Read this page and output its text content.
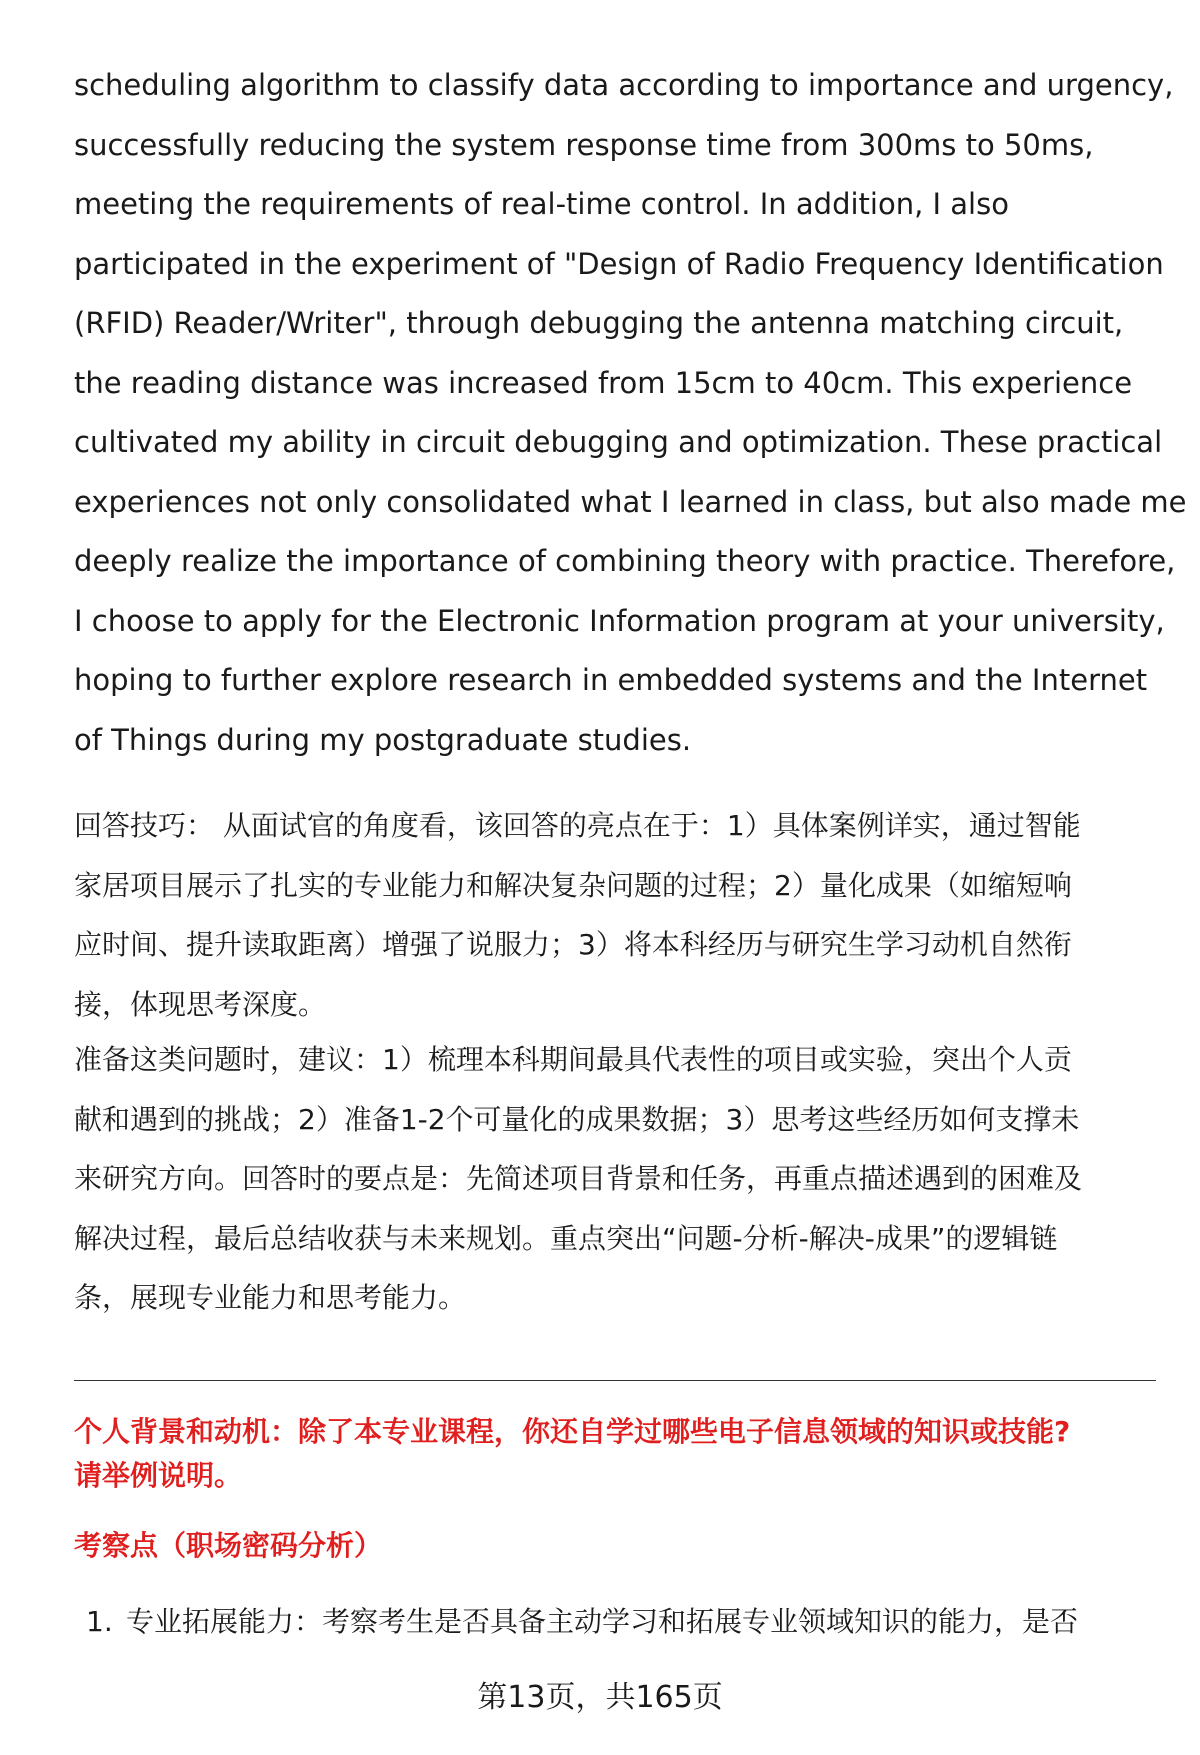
scheduling algorithm to classify data according to importance and urgency,
successfully reducing the system response time from 300ms to 50ms,
meeting the requirements of real-time control. In addition, I also
participated in the experiment of "Design of Radio Frequency Identification
(RFID) Reader/Writer", through debugging the antenna matching circuit,
the reading distance was increased from 15cm to 40cm. This experience
cultivated my ability in circuit debugging and optimization. These practical
experiences not only consolidated what I learned in class, but also made me
deeply realize the importance of combining theory with practice. Therefore,
I choose to apply for the Electronic Information program at your university,
hoping to further explore research in embedded systems and the Internet
of Things during my postgraduate studies.
回答技巧： 从面试官的角度看，该回答的亮点在于：1）具体案例详实，通过智能
家居项目展示了扎实的专业能力和解决复杂问题的过程；2）量化成果（如缩短响
应时间、提升读取距离）增强了说服力；3）将本科经历与研究生学习动机自然衔
接，体现思考深度。
准备这类问题时，建议：1）梳理本科期间最具代表性的项目或实验，突出个人贡
献和遇到的挑战；2）准备1-2个可量化的成果数据；3）思考这些经历如何支撑未
来研究方向。回答时的要点是：先简述项目背景和任务，再重点描述遇到的困难及
解决过程，最后总结收获与未来规划。重点突出“问题-分析-解决-成果”的逻辑链
条，展现专业能力和思考能力。
个人背景和动机：除了本专业课程，你还自学过哪些电子信息领域的知识或技能?
请举例说明。
考察点（职场密码分析）
1. 专业拓展能力：考察考生是否具备主动学习和拓展专业领域知识的能力，是否
第13页，共165页
